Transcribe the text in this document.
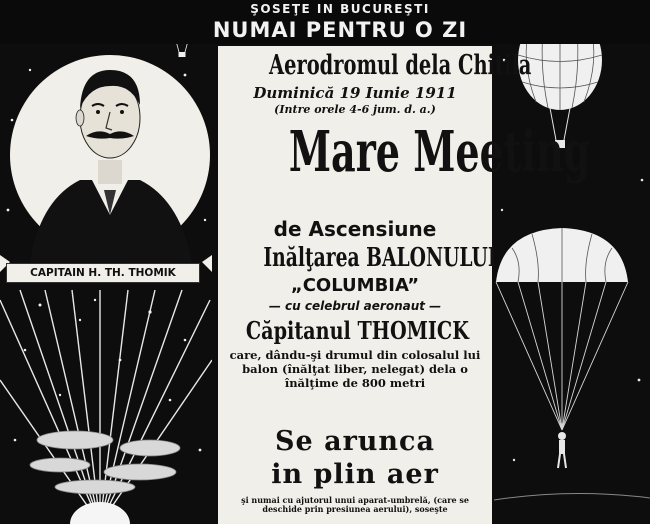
CAPITAIN H. TH. THOMIK
ŞOSEŢE IN BUCUREŞTI
NUMAI PENTRU O ZI
Aerodromul dela Chitila
Duminică 19 Iunie 1911
(Intre orele 4-6 jum. d. a.)
Mare Meeting
de Ascensiune
Inălţarea BALONULUI
„COLUMBIA”
— cu celebrul aeronaut —
Căpitanul THOMICK
care, dându-şi drumul din colosalul lui balon (înălţat liber, nelegat) dela o înălţime de 800 metri
Se arunca
in plin aer
şi numai cu ajutorul unui aparat-umbrelă, (care se deschide prin presiunea aerului), soseşte
